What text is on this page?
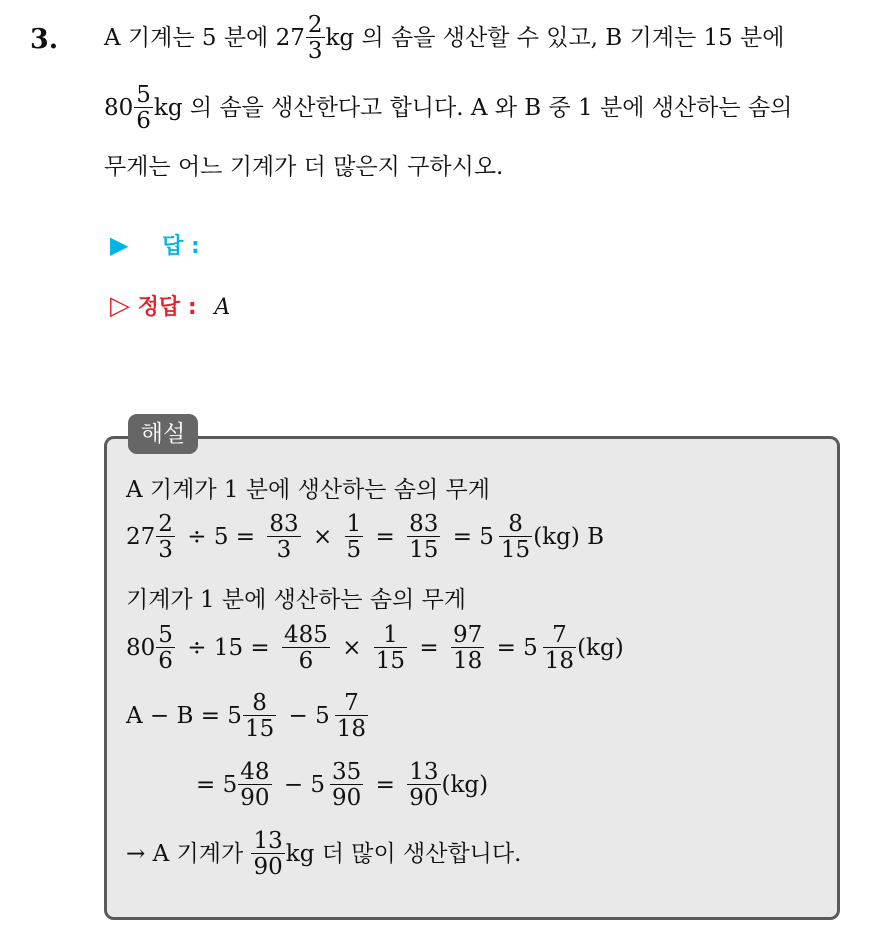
3. A 기계는 5 분에 $27 \frac{2}{3}$ kg 의 솜을 생산할 수 있고, B 기계는 15 분에
$80 \frac{5}{6}$ kg 의 솜을 생산한다고 합니다. A 와 B 중 1 분에 생산하는 솜의
무게는 어느 기계가 더 많은지 구하시오.
▶ 답 :
▷ 정답 : A
해설
A 기계가 1 분에 생산하는 솜의 무게
$27 \frac{2}{3} \div 5 = \frac{83}{3} \times \frac{1}{5} = \frac{83}{15} = 5 \frac{8}{15} (kg)$ B
기계가 1 분에 생산하는 솜의 무게
$80 \frac{5}{6} \div 15 = \frac{485}{6} \times \frac{1}{15} = \frac{97}{18} = 5 \frac{7}{18} (kg)$
$A - B = 5 \frac{8}{15} - 5 \frac{7}{18}$
= $5 \frac{48}{90} - 5 \frac{35}{90} = \frac{13}{90} (kg)$
→ A 기계가 $\frac{13}{90}$ kg 더 많이 생산합니다.
